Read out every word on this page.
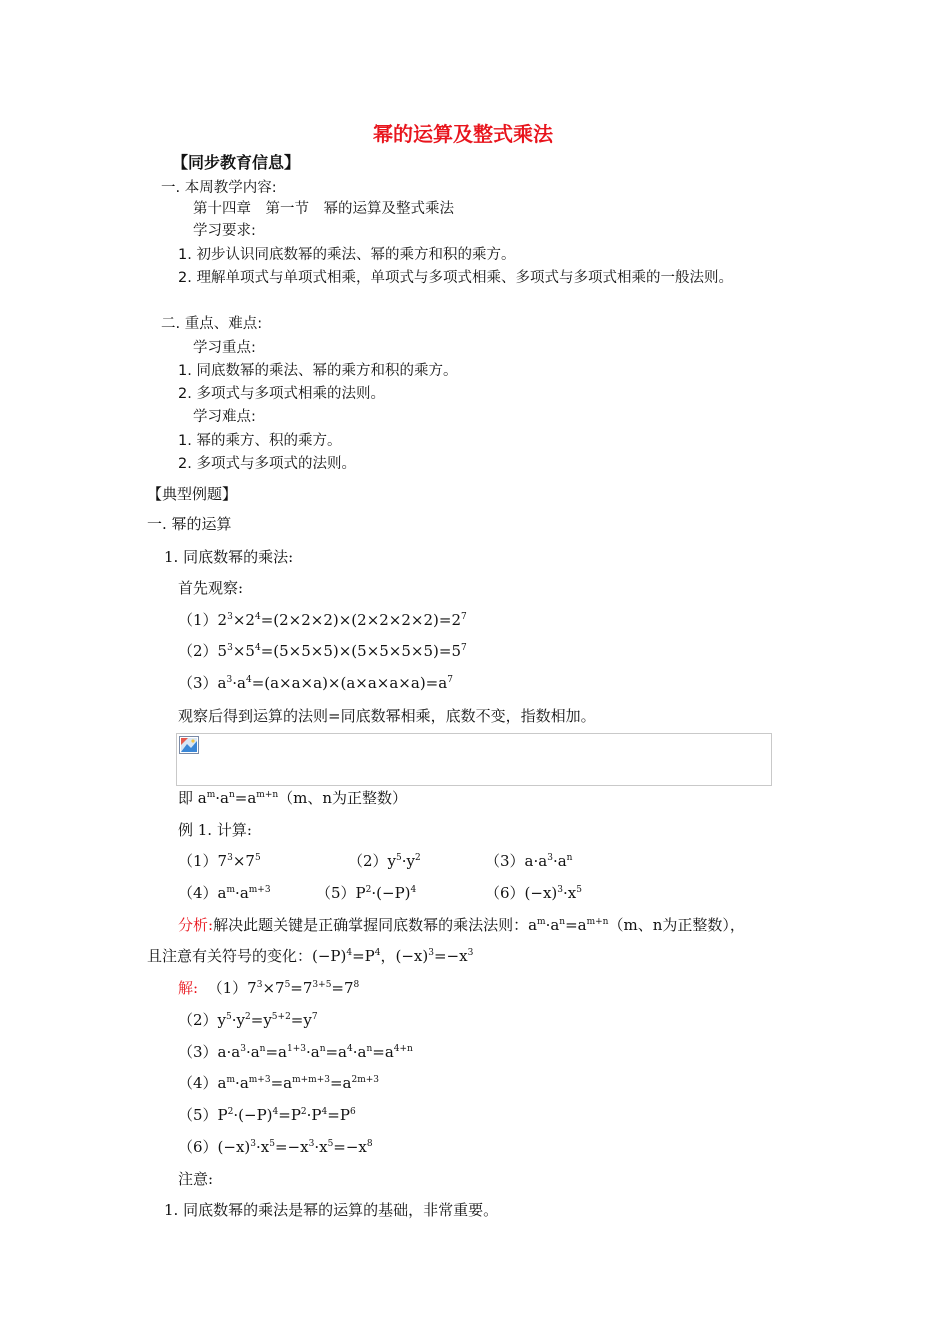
幂的运算及整式乘法
【同步教育信息】
一. 本周教学内容:
第十四章　第一节　幂的运算及整式乘法
学习要求:
1. 初步认识同底数幂的乘法、幂的乘方和积的乘方。
2. 理解单项式与单项式相乘，单项式与多项式相乘、多项式与多项式相乘的一般法则。
二. 重点、难点:
学习重点:
1. 同底数幂的乘法、幂的乘方和积的乘方。
2. 多项式与多项式相乘的法则。
学习难点:
1. 幂的乘方、积的乘方。
2. 多项式与多项式的法则。
【典型例题】
一. 幂的运算
1. 同底数幂的乘法:
首先观察:
$(1)2^3\times 2^4=(2\times 2\times 2)\times(2\times 2\times 2\times 2)=2^7$
$(2)5^3\times 5^4=(5\times 5\times 5)\times(5\times 5\times 5\times 5)=5^7$
$(3)a^3\cdot a^4=(a\times a\times a)\times(a\times a\times a\times a)=a^7$
观察后得到运算的法则=同底数幂相乘，底数不变，指数相加。
即 $a^m\cdot a^n=a^{m+n}(m$、n为正整数）
例 1. 计算:
$(1)7^3\times 7^5$	$(2)y^5\cdot y^2$	$(3)a\cdot a^3\cdot a^n$
$(4)a^m\cdot a^{m+3}$	$(5)P^2\cdot(-P)^4$	$(6)(-x)^3\cdot x^5$
分析:解决此题关键是正确掌握同底数幂的乘法法则：$a^m\cdot a^n=a^{m+n}(m$、n为正整数），
且注意有关符号的变化：$(-P)^4=P^4$，$(-x)^3=-x^3$
解: $(1)7^3\times 7^5=7^{3+5}=7^8$
$(2)y^5\cdot y^2=y^{5+2}=y^7$
$(3)a\cdot a^3\cdot a^n=a^{1+3}\cdot a^n=a^4\cdot a^n=a^{4+n}$
$(4)a^m\cdot a^{m+3}=a^{m+m+3}=a^{2m+3}$
$(5)P^2\cdot(-P)^4=P^2\cdot P^4=P^6$
$(6)(-x)^3\cdot x^5=-x^3\cdot x^5=-x^8$
注意:
1. 同底数幂的乘法是幂的运算的基础，非常重要。
